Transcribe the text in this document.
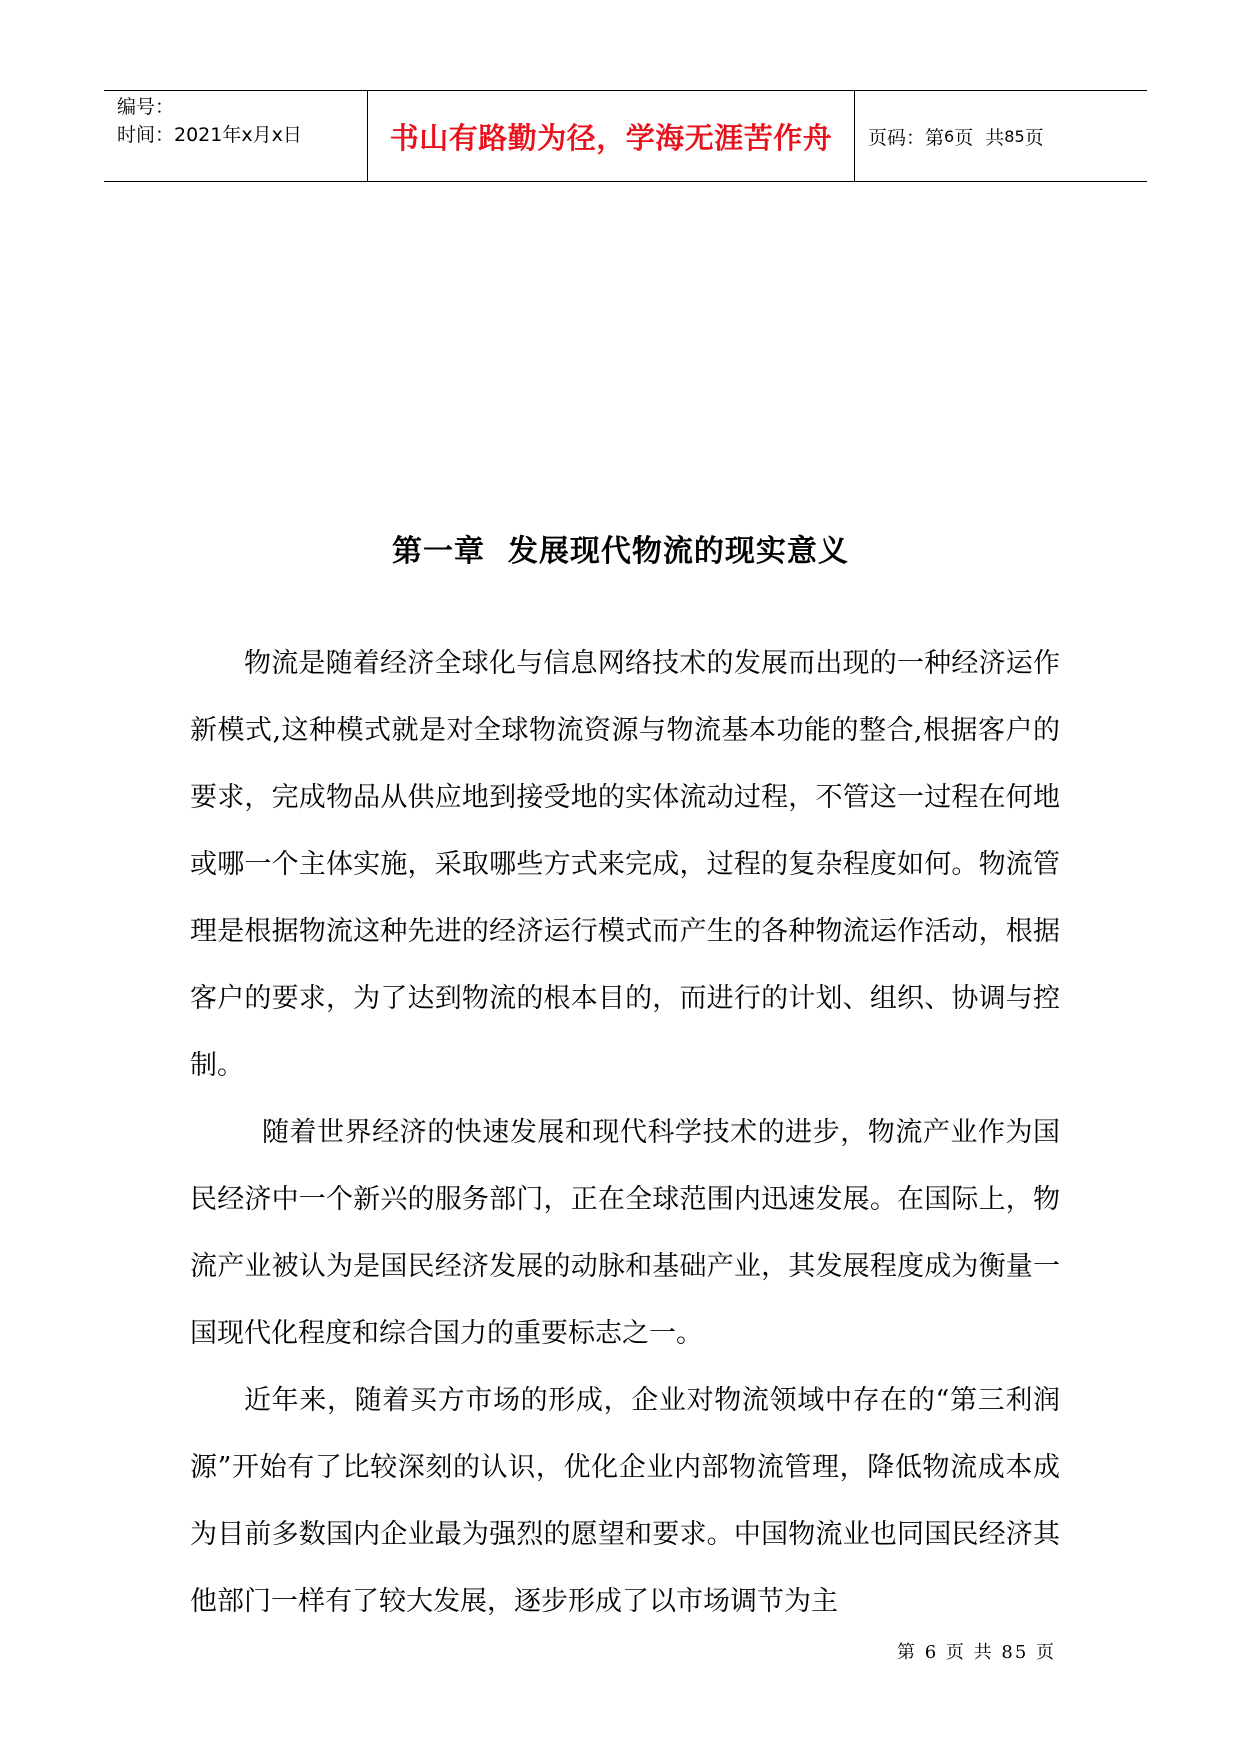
编号：
时间：2021年x月x日	书山有路勤为径，学海无涯苦作舟	页码：第 6 页  共 85 页
第一章  发展现代物流的现实意义

物流是随着经济全球化与信息网络技术的发展而出现的一种经济运作新模式,这种模式就是对全球物流资源与物流基本功能的整合,根据客户的要求，完成物品从供应地到接受地的实体流动过程，不管这一过程在何地或哪一个主体实施，采取哪些方式来完成，过程的复杂程度如何。物流管理是根据物流这种先进的经济运行模式而产生的各种物流运作活动，根据客户的要求，为了达到物流的根本目的，而进行的计划、组织、协调与控制。

随着世界经济的快速发展和现代科学技术的进步，物流产业作为国民经济中一个新兴的服务部门，正在全球范围内迅速发展。在国际上，物流产业被认为是国民经济发展的动脉和基础产业，其发展程度成为衡量一国现代化程度和综合国力的重要标志之一。

近年来，随着买方市场的形成，企业对物流领域中存在的“第三利润源”开始有了比较深刻的认识，优化企业内部物流管理，降低物流成本成为目前多数国内企业最为强烈的愿望和要求。中国物流业也同国民经济其他部门一样有了较大发展，逐步形成了以市场调节为主

第 6 页 共 85 页
